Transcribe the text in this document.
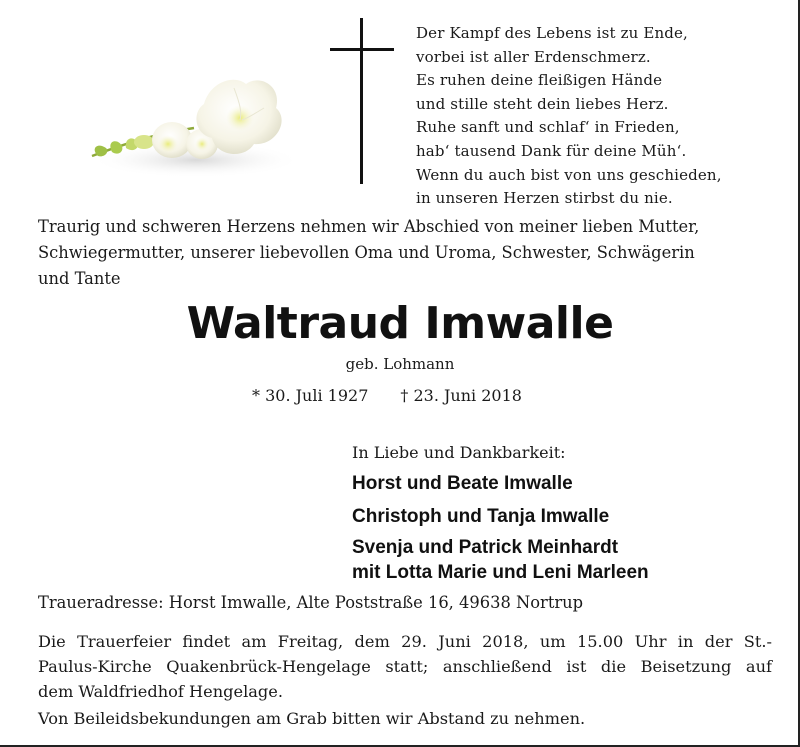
Der Kampf des Lebens ist zu Ende,
vorbei ist aller Erdenschmerz.
Es ruhen deine fleißigen Hände
und stille steht dein liebes Herz.
Ruhe sanft und schlaf‘ in Frieden,
hab‘ tausend Dank für deine Müh‘.
Wenn du auch bist von uns geschieden,
in unseren Herzen stirbst du nie.
Traurig und schweren Herzens nehmen wir Abschied von meiner lieben Mutter,
Schwiegermutter, unserer liebevollen Oma und Uroma, Schwester, Schwägerin
und Tante
Waltraud Imwalle
geb. Lohmann
* 30. Juli 1927 † 23. Juni 2018
In Liebe und Dankbarkeit:
Horst und Beate Imwalle
Christoph und Tanja Imwalle
Svenja und Patrick Meinhardt
mit Lotta Marie und Leni Marleen
Traueradresse: Horst Imwalle, Alte Poststraße 16, 49638 Nortrup
Die Trauerfeier findet am Freitag, dem 29. Juni 2018, um 15.00 Uhr in der St.-
Paulus-Kirche Quakenbrück-Hengelage statt; anschließend ist die Beisetzung auf
dem Waldfriedhof Hengelage.
Von Beileidsbekundungen am Grab bitten wir Abstand zu nehmen.
